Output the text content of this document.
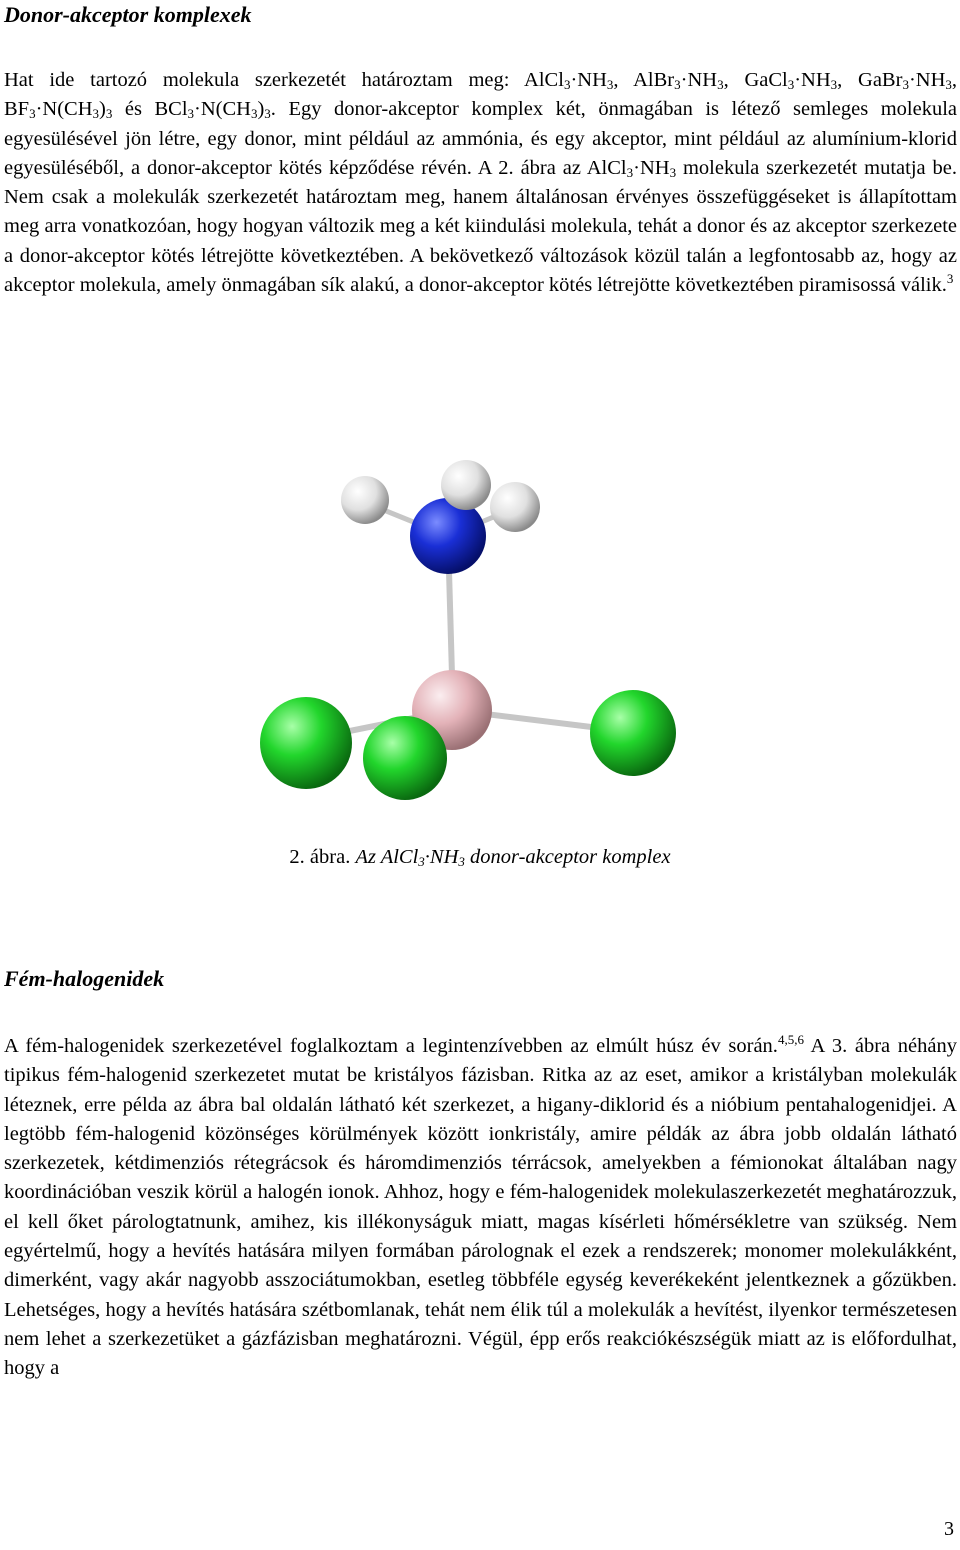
Donor-akceptor komplexek

Hat ide tartozó molekula szerkezetét határoztam meg: $AlCl_3\cdot NH_3$, $AlBr_3\cdot NH_3$, $GaCl_3\cdot NH_3$, $GaBr_3\cdot NH_3$, $BF_3\cdot N(CH_3)_3$ és $BCl_3\cdot N(CH_3)_3$. Egy donor-akceptor komplex két, önmagában is létező semleges molekula egyesülésével jön létre, egy donor, mint például az ammónia, és egy akceptor, mint például az alumínium-klorid egyesüléséből, a donor-akceptor kötés képződése révén. A 2. ábra az $AlCl_3\cdot NH_3$ molekula szerkezetét mutatja be. Nem csak a molekulák szerkezetét határoztam meg, hanem általánosan érvényes összefüggéseket is állapítottam meg arra vonatkozóan, hogy hogyan változik meg a két kiindulási molekula, tehát a donor és az akceptor szerkezete a donor-akceptor kötés létrejötte következtében. A bekövetkező változások közül talán a legfontosabb az, hogy az akceptor molekula, amely önmagában sík alakú, a donor-akceptor kötés létrejötte következtében piramisossá válik.$^3$

2. ábra. Az $AlCl_3\cdot NH_3$ donor-akceptor komplex

Fém-halogenidek

A fém-halogenidek szerkezetével foglalkoztam a legintenzívebben az elmúlt húsz év során.$^{4,5,6}$ A 3. ábra néhány tipikus fém-halogenid szerkezetet mutat be kristályos fázisban. Ritka az az eset, amikor a kristályban molekulák léteznek, erre példa az ábra bal oldalán látható két szerkezet, a higany-diklorid és a nióbium pentahalogenidjei. A legtöbb fém-halogenid közönséges körülmények között ionkristály, amire példák az ábra jobb oldalán látható szerkezetek, kétdimenziós rétegrácsok és háromdimenziós térrácsok, amelyekben a fémionokat általában nagy koordinációban veszik körül a halogén ionok. Ahhoz, hogy e fém-halogenidek molekulaszerkezetét meghatározzuk, el kell őket párologtatnunk, amihez, kis illékonyságuk miatt, magas kísérleti hőmérsékletre van szükség. Nem egyértelmű, hogy a hevítés hatására milyen formában párolognak el ezek a rendszerek; monomer molekulákként, dimerként, vagy akár nagyobb asszociátumokban, esetleg többféle egység keverékeként jelentkeznek a gőzükben. Lehetséges, hogy a hevítés hatására szétbomlanak, tehát nem élik túl a molekulák a hevítést, ilyenkor természetesen nem lehet a szerkezetüket a gázfázisban meghatározni. Végül, épp erős reakciókészségük miatt az is előfordulhat, hogy a

3
